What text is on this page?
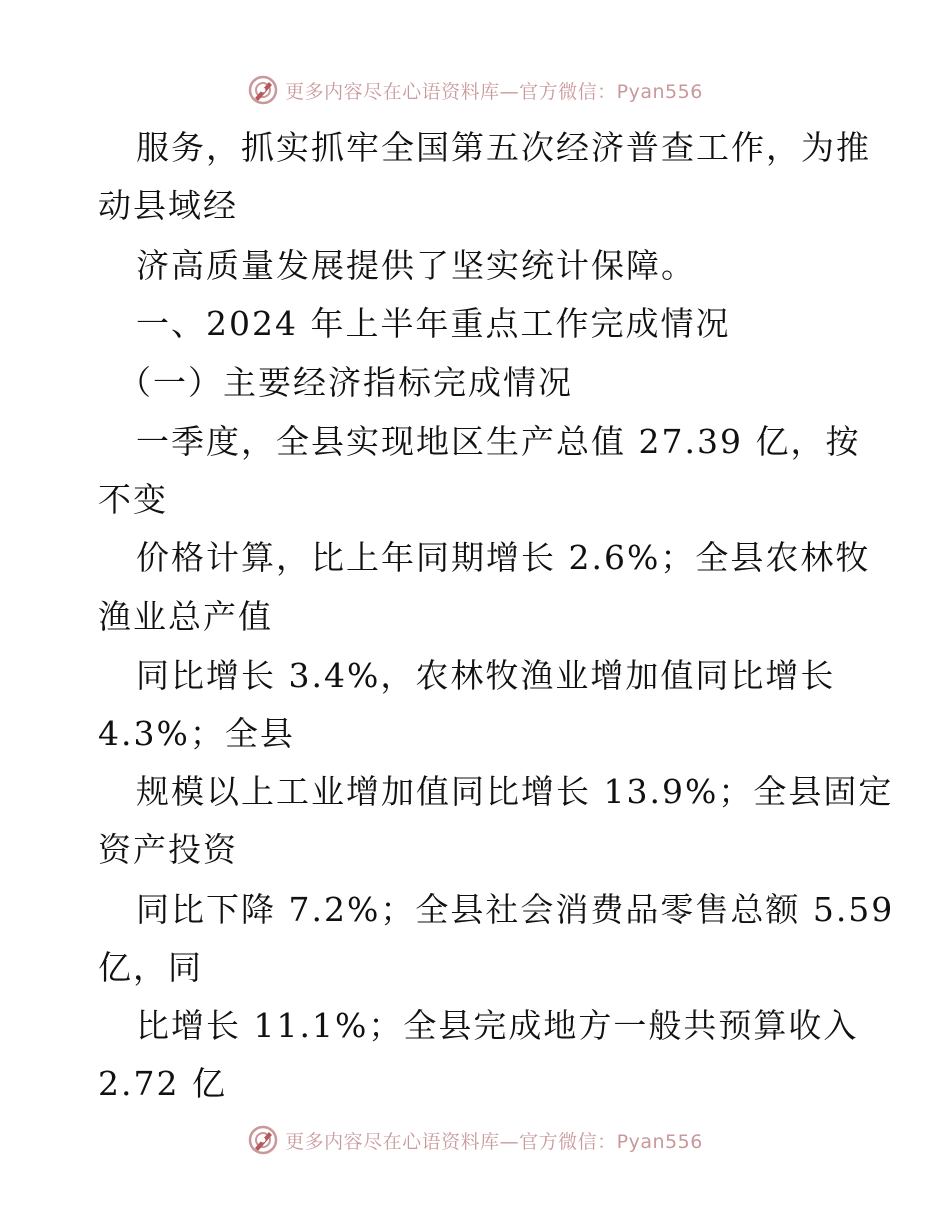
更多内容尽在心语资料库—官方微信：Pyan556
服务，抓实抓牢全国第五次经济普查工作，为推
动县域经
济高质量发展提供了坚实统计保障。
一、2024 年上半年重点工作完成情况
（一）主要经济指标完成情况
一季度，全县实现地区生产总值 27.39 亿，按
不变
价格计算，比上年同期增长 2.6%；全县农林牧
渔业总产值
同比增长 3.4%，农林牧渔业增加值同比增长
4.3%；全县
规模以上工业增加值同比增长 13.9%；全县固定
资产投资
同比下降 7.2%；全县社会消费品零售总额 5.59
亿，同
比增长 11.1%；全县完成地方一般共预算收入
2.72 亿
更多内容尽在心语资料库—官方微信：Pyan556
